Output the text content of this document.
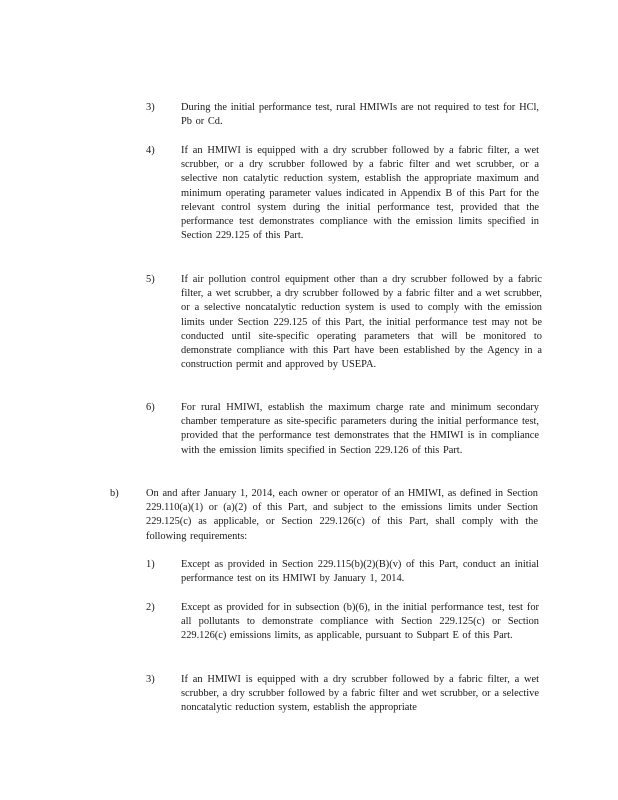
3)	During the initial performance test, rural HMIWIs are not required to test for HCl, Pb or Cd.
4)	If an HMIWI is equipped with a dry scrubber followed by a fabric filter, a wet scrubber, or a dry scrubber followed by a fabric filter and wet scrubber, or a selective non catalytic reduction system, establish the appropriate maximum and minimum operating parameter values indicated in Appendix B of this Part for the relevant control system during the initial performance test, provided that the performance test demonstrates compliance with the emission limits specified in Section 229.125 of this Part.
5)	If air pollution control equipment other than a dry scrubber followed by a fabric filter, a wet scrubber, a dry scrubber followed by a fabric filter and a wet scrubber, or a selective noncatalytic reduction system is used to comply with the emission limits under Section 229.125 of this Part, the initial performance test may not be conducted until site-specific operating parameters that will be monitored to demonstrate compliance with this Part have been established by the Agency in a construction permit and approved by USEPA.
6)	For rural HMIWI, establish the maximum charge rate and minimum secondary chamber temperature as site-specific parameters during the initial performance test, provided that the performance test demonstrates that the HMIWI is in compliance with the emission limits specified in Section 229.126 of this Part.
b)	On and after January 1, 2014, each owner or operator of an HMIWI, as defined in Section 229.110(a)(1) or (a)(2) of this Part, and subject to the emissions limits under Section 229.125(c) as applicable, or Section 229.126(c) of this Part, shall comply with the following requirements:
1)	Except as provided in Section 229.115(b)(2)(B)(v) of this Part, conduct an initial performance test on its HMIWI by January 1, 2014.
2)	Except as provided for in subsection (b)(6), in the initial performance test, test for all pollutants to demonstrate compliance with Section 229.125(c) or Section 229.126(c) emissions limits, as applicable, pursuant to Subpart E of this Part.
3)	If an HMIWI is equipped with a dry scrubber followed by a fabric filter, a wet scrubber, a dry scrubber followed by a fabric filter and wet scrubber, or a selective noncatalytic reduction system, establish the appropriate
